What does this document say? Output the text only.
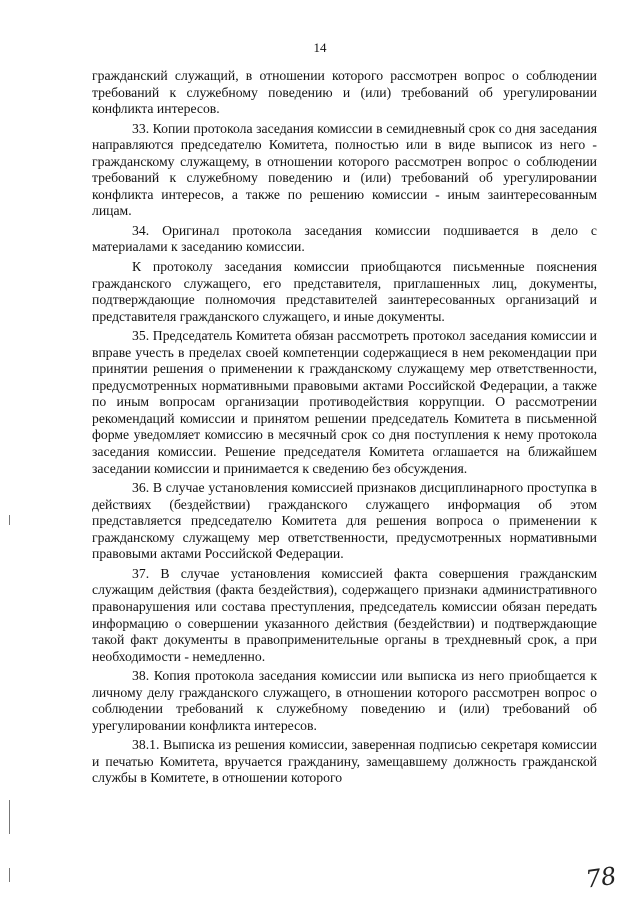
14

гражданский служащий, в отношении которого рассмотрен вопрос о соблюдении требований к служебному поведению и (или) требований об урегулировании конфликта интересов.

33. Копии протокола заседания комиссии в семидневный срок со дня заседания направляются председателю Комитета, полностью или в виде выписок из него - гражданскому служащему, в отношении которого рассмотрен вопрос о соблюдении требований к служебному поведению и (или) требований об урегулировании конфликта интересов, а также по решению комиссии - иным заинтересованным лицам.

34. Оригинал протокола заседания комиссии подшивается в дело с материалами к заседанию комиссии.

К протоколу заседания комиссии приобщаются письменные пояснения гражданского служащего, его представителя, приглашенных лиц, документы, подтверждающие полномочия представителей заинтересованных организаций и представителя гражданского служащего, и иные документы.

35. Председатель Комитета обязан рассмотреть протокол заседания комиссии и вправе учесть в пределах своей компетенции содержащиеся в нем рекомендации при принятии решения о применении к гражданскому служащему мер ответственности, предусмотренных нормативными правовыми актами Российской Федерации, а также по иным вопросам организации противодействия коррупции. О рассмотрении рекомендаций комиссии и принятом решении председатель Комитета в письменной форме уведомляет комиссию в месячный срок со дня поступления к нему протокола заседания комиссии. Решение председателя Комитета оглашается на ближайшем заседании комиссии и принимается к сведению без обсуждения.

36. В случае установления комиссией признаков дисциплинарного проступка в действиях (бездействии) гражданского служащего информация об этом представляется председателю Комитета для решения вопроса о применении к гражданскому служащему мер ответственности, предусмотренных нормативными правовыми актами Российской Федерации.

37. В случае установления комиссией факта совершения гражданским служащим действия (факта бездействия), содержащего признаки административного правонарушения или состава преступления, председатель комиссии обязан передать информацию о совершении указанного действия (бездействии) и подтверждающие такой факт документы в правоприменительные органы в трехдневный срок, а при необходимости - немедленно.

38. Копия протокола заседания комиссии или выписка из него приобщается к личному делу гражданского служащего, в отношении которого рассмотрен вопрос о соблюдении требований к служебному поведению и (или) требований об урегулировании конфликта интересов.

38.1. Выписка из решения комиссии, заверенная подписью секретаря комиссии и печатью Комитета, вручается гражданину, замещавшему должность гражданской службы в Комитете, в отношении которого

78
